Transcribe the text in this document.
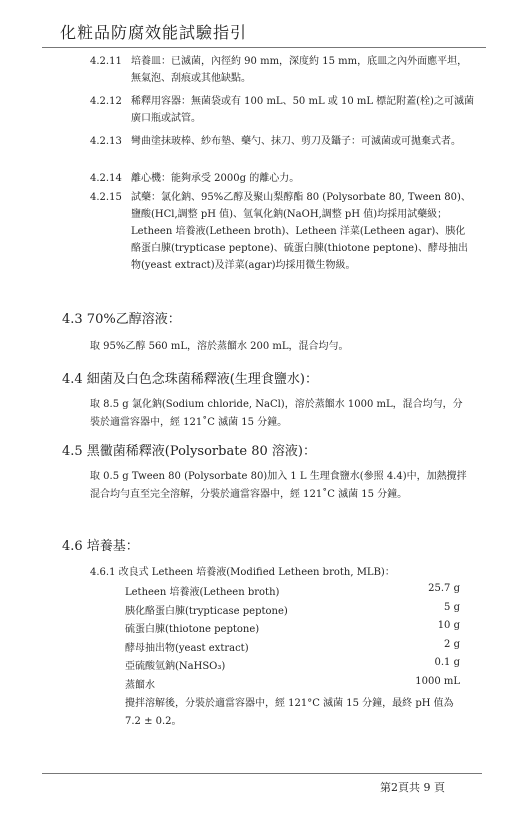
化粧品防腐效能試驗指引
4.2.11 培養皿：已滅菌，內徑約 90 mm，深度約 15 mm，底皿之內外面應平坦，無氣泡、刮痕或其他缺點。
4.2.12 稀釋用容器：無菌袋或有 100 mL、50 mL 或 10 mL 標記附蓋(栓)之可滅菌廣口瓶或試管。
4.2.13 彎曲塗抹玻棒、紗布墊、藥勺、抹刀、剪刀及鑷子：可滅菌或可拋棄式者。
4.2.14 離心機：能夠承受 2000g 的離心力。
4.2.15 試藥：氯化鈉、95%乙醇及聚山梨醇酯 80 (Polysorbate 80, Tween 80)、鹽酸(HCl,調整 pH 值)、氫氧化鈉(NaOH,調整 pH 值)均採用試藥級；Letheen 培養液(Letheen broth)、Letheen 洋菜(Letheen agar)、胰化酪蛋白腖(trypticase peptone)、硫蛋白腖(thiotone peptone)、酵母抽出物(yeast extract)及洋菜(agar)均採用微生物級。
4.3 70%乙醇溶液：
取 95%乙醇 560 mL，溶於蒸餾水 200 mL，混合均勻。
4.4 細菌及白色念珠菌稀釋液(生理食鹽水)：
取 8.5 g 氯化鈉(Sodium chloride, NaCl)，溶於蒸餾水 1000 mL，混合均勻，分裝於適當容器中，經 121˚C 滅菌 15 分鐘。
4.5 黑黴菌稀釋液(Polysorbate 80 溶液)：
取 0.5 g Tween 80 (Polysorbate 80)加入 1 L 生理食鹽水(參照 4.4)中，加熱攪拌混合均勻直至完全溶解，分裝於適當容器中，經 121˚C 滅菌 15 分鐘。
4.6 培養基：
4.6.1 改良式 Letheen 培養液(Modified Letheen broth, MLB)：
Letheen 培養液(Letheen broth)	25.7 g
胰化酪蛋白腖(trypticase peptone)	5 g
硫蛋白腖(thiotone peptone)	10 g
酵母抽出物(yeast extract)	2 g
亞硫酸氫鈉(NaHSO₃)	0.1 g
蒸餾水	1000 mL
攪拌溶解後，分裝於適當容器中，經 121°C 滅菌 15 分鐘，最終 pH 值為 7.2 ± 0.2。
第2頁共 9 頁
